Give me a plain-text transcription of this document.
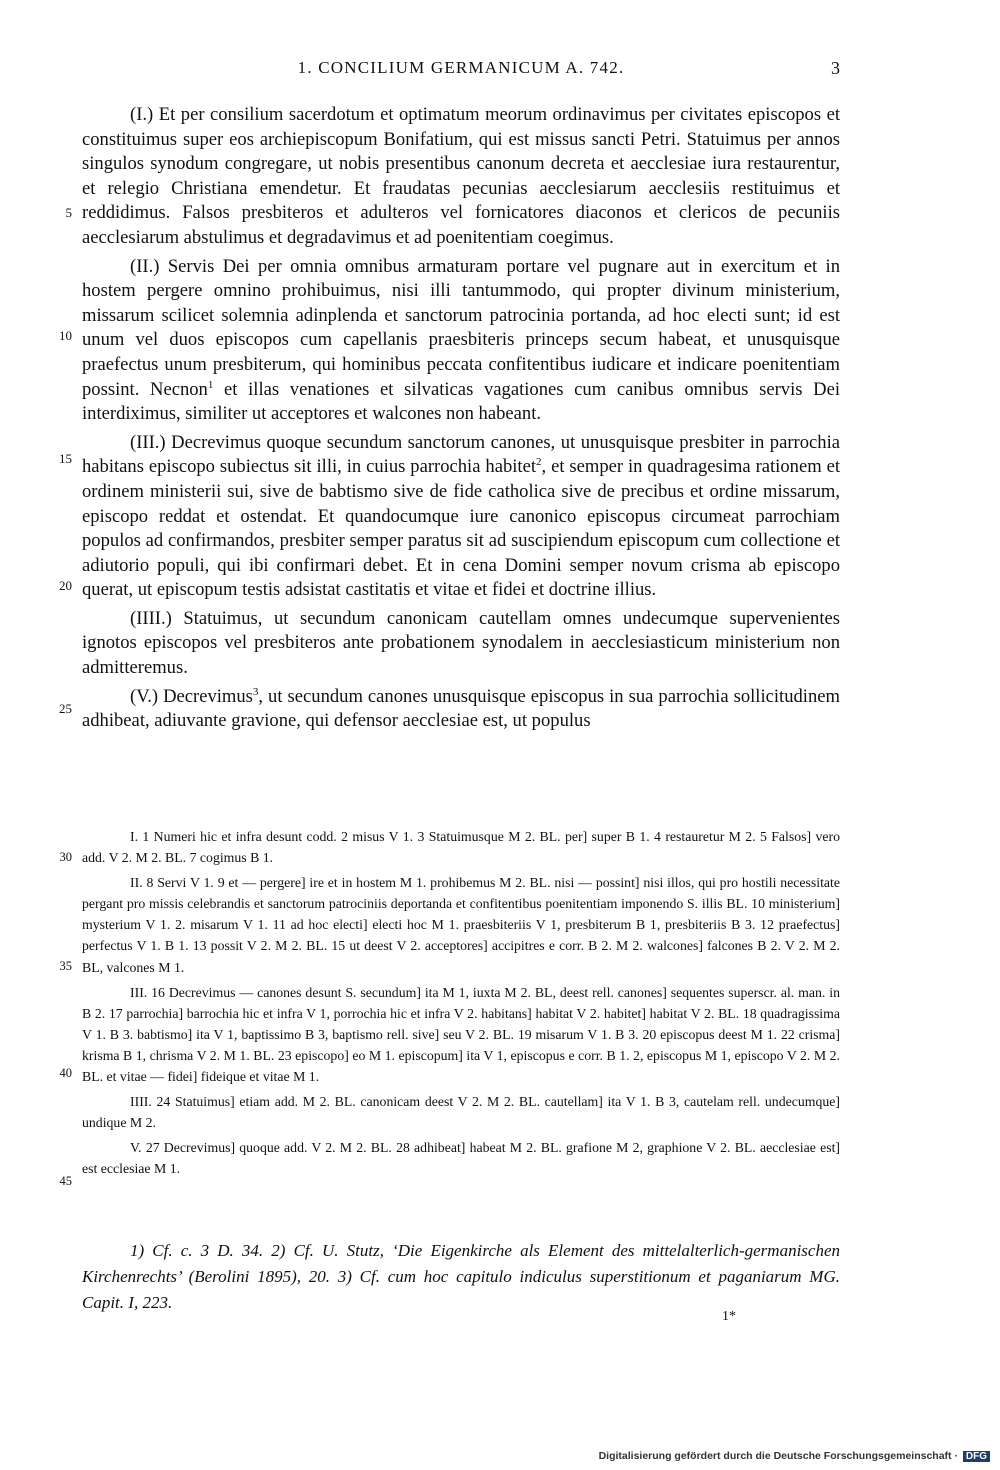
1. CONCILIUM GERMANICUM A. 742.	3
5
10
15
20
25

(I.) Et per consilium sacerdotum et optimatum meorum ordinavimus per civitates episcopos et constituimus super eos archiepiscopum Bonifatium, qui est missus sancti Petri. Statuimus per annos singulos synodum congregare, ut nobis presentibus canonum decreta et aecclesiae iura restaurentur, et relegio Christiana emendetur. Et fraudatas pecunias aecclesiarum aecclesiis restituimus et reddidimus. Falsos presbiteros et adulteros vel fornicatores diaconos et clericos de pecuniis aecclesiarum abstulimus et degradavimus et ad poenitentiam coegimus.

(II.) Servis Dei per omnia omnibus armaturam portare vel pugnare aut in exercitum et in hostem pergere omnino prohibuimus, nisi illi tantummodo, qui propter divinum ministerium, missarum scilicet solemnia adinplenda et sanctorum patrocinia portanda, ad hoc electi sunt; id est unum vel duos episcopos cum capellanis praesbiteris princeps secum habeat, et unusquisque praefectus unum presbiterum, qui hominibus peccata confitentibus iudicare et indicare poenitentiam possint. Necnon$^1$ et illas venationes et silvaticas vagationes cum canibus omnibus servis Dei interdiximus, similiter ut acceptores et walcones non habeant.

(III.) Decrevimus quoque secundum sanctorum canones, ut unusquisque presbiter in parrochia habitans episcopo subiectus sit illi, in cuius parrochia habitet$^2$, et semper in quadragesima rationem et ordinem ministerii sui, sive de babtismo sive de fide catholica sive de precibus et ordine missarum, episcopo reddat et ostendat. Et quandocumque iure canonico episcopus circumeat parrochiam populos ad confirmandos, presbiter semper paratus sit ad suscipiendum episcopum cum collectione et adiutorio populi, qui ibi confirmari debet. Et in cena Domini semper novum crisma ab episcopo querat, ut episcopum testis adsistat castitatis et vitae et fidei et doctrine illius.

(IIII.) Statuimus, ut secundum canonicam cautellam omnes undecumque supervenientes ignotos episcopos vel presbiteros ante probationem synodalem in aecclesiasticum ministerium non admitteremus.

(V.) Decrevimus$^3$, ut secundum canones unusquisque episcopus in sua parrochia sollicitudinem adhibeat, adiuvante gravione, qui defensor aecclesiae est, ut populus

30
35
40
45

I. 1 Numeri hic et infra desunt codd. 2 misus V 1. 3 Statuimusque M 2. BL. per] super B 1. 4 restauretur M 2. 5 Falsos] vero add. V 2. M 2. BL. 7 cogimus B 1.

II. 8 Servi V 1. 9 et — pergere] ire et in hostem M 1. prohibemus M 2. BL. nisi — possint] nisi illos, qui pro hostili necessitate pergant pro missis celebrandis et sanctorum patrociniis deportanda et confitentibus poenitentiam imponendo S. illis BL. 10 ministerium] mysterium V 1. 2. misarum V 1. 11 ad hoc electi] electi hoc M 1. praesbiteriis V 1, presbiterum B 1, presbiteriis B 3. 12 praefectus] perfectus V 1. B 1. 13 possit V 2. M 2. BL. 15 ut deest V 2. acceptores] accipitres e corr. B 2. M 2. walcones] falcones B 2. V 2. M 2. BL, valcones M 1.

III. 16 Decrevimus — canones desunt S. secundum] ita M 1, iuxta M 2. BL, deest rell. canones] sequentes superscr. al. man. in B 2. 17 parrochia] barrochia hic et infra V 1, porrochia hic et infra V 2. habitans] habitat V 2. habitet] habitat V 2. BL. 18 quadragissima V 1. B 3. babtismo] ita V 1, baptissimo B 3, baptismo rell. sive] seu V 2. BL. 19 misarum V 1. B 3. 20 episcopus deest M 1. 22 crisma] krisma B 1, chrisma V 2. M 1. BL. 23 episcopo] eo M 1. episcopum] ita V 1, episcopus e corr. B 1. 2, episcopus M 1, episcopo V 2. M 2. BL. et vitae — fidei] fideique et vitae M 1.

IIII. 24 Statuimus] etiam add. M 2. BL. canonicam deest V 2. M 2. BL. cautellam] ita V 1. B 3, cautelam rell. undecumque] undique M 2.

V. 27 Decrevimus] quoque add. V 2. M 2. BL. 28 adhibeat] habeat M 2. BL. grafione M 2, graphione V 2. BL. aecclesiae est] est ecclesiae M 1.

1) Cf. c. 3 D. 34. 2) Cf. U. Stutz, ‘Die Eigenkirche als Element des mittelalterlich-germanischen Kirchenrechts’ (Berolini 1895), 20. 3) Cf. cum hoc capitulo indiculus superstitionum et paganiarum MG. Capit. I, 223.

1*
Digitalisierung gefördert durch die Deutsche Forschungsgemeinschaft · DFG
